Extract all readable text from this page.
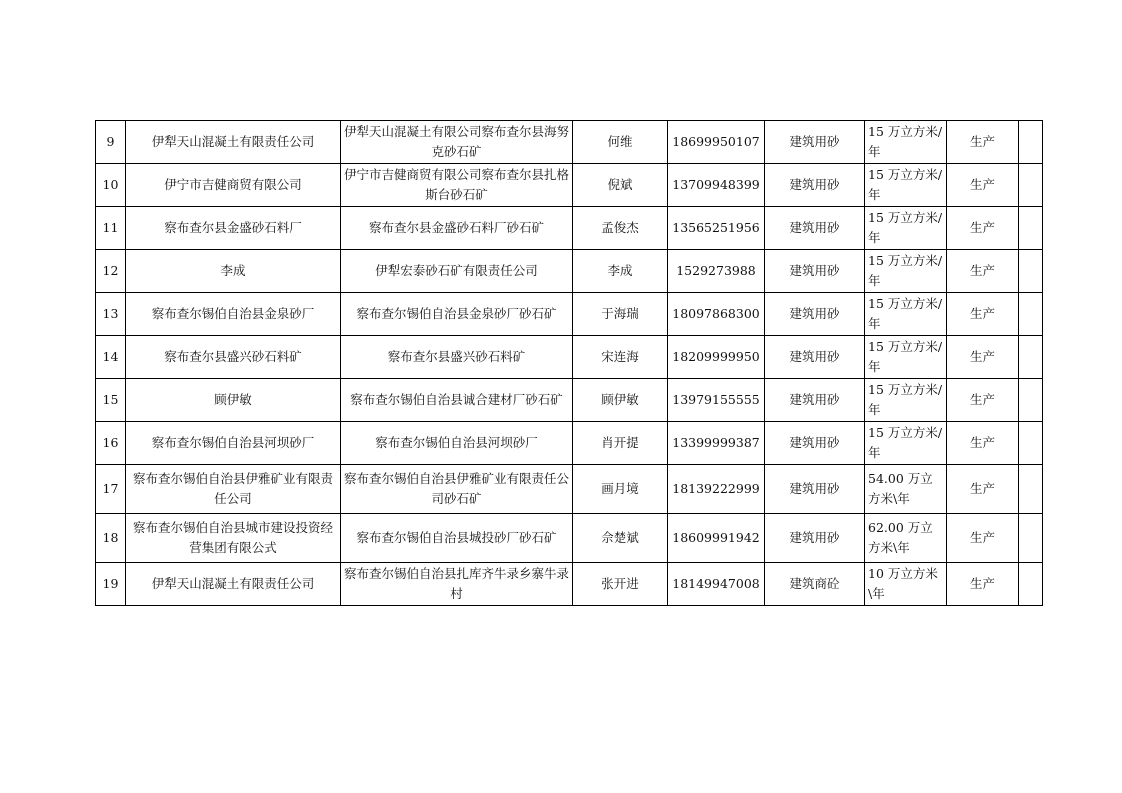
9	伊犁天山混凝土有限责任公司	伊犁天山混凝土有限公司察布查尔县海努克砂石矿	何维	18699950107	建筑用砂	15 万立方米/年	生产	
10	伊宁市吉健商贸有限公司	伊宁市吉健商贸有限公司察布查尔县扎格斯台砂石矿	倪斌	13709948399	建筑用砂	15 万立方米/年	生产	
11	察布查尔县金盛砂石料厂	察布查尔县金盛砂石料厂砂石矿	孟俊杰	13565251956	建筑用砂	15 万立方米/年	生产	
12	李成	伊犁宏泰砂石矿有限责任公司	李成	1529273988	建筑用砂	15 万立方米/年	生产	
13	察布查尔锡伯自治县金泉砂厂	察布查尔锡伯自治县金泉砂厂砂石矿	于海瑞	18097868300	建筑用砂	15 万立方米/年	生产	
14	察布查尔县盛兴砂石料矿	察布查尔县盛兴砂石料矿	宋连海	18209999950	建筑用砂	15 万立方米/年	生产	
15	顾伊敏	察布查尔锡伯自治县诚合建材厂砂石矿	顾伊敏	13979155555	建筑用砂	15 万立方米/年	生产	
16	察布查尔锡伯自治县河坝砂厂	察布查尔锡伯自治县河坝砂厂	肖开提	13399999387	建筑用砂	15 万立方米/年	生产	
17	察布查尔锡伯自治县伊雅矿业有限责任公司	察布查尔锡伯自治县伊雅矿业有限责任公司砂石矿	画月境	18139222999	建筑用砂	54.00 万立方米\年	生产	
18	察布查尔锡伯自治县城市建设投资经营集团有限公式	察布查尔锡伯自治县城投砂厂砂石矿	佘楚斌	18609991942	建筑用砂	62.00 万立方米\年	生产	
19	伊犁天山混凝土有限责任公司	察布查尔锡伯自治县扎库齐牛录乡寨牛录村	张开进	18149947008	建筑商砼	10 万立方米\年	生产	
